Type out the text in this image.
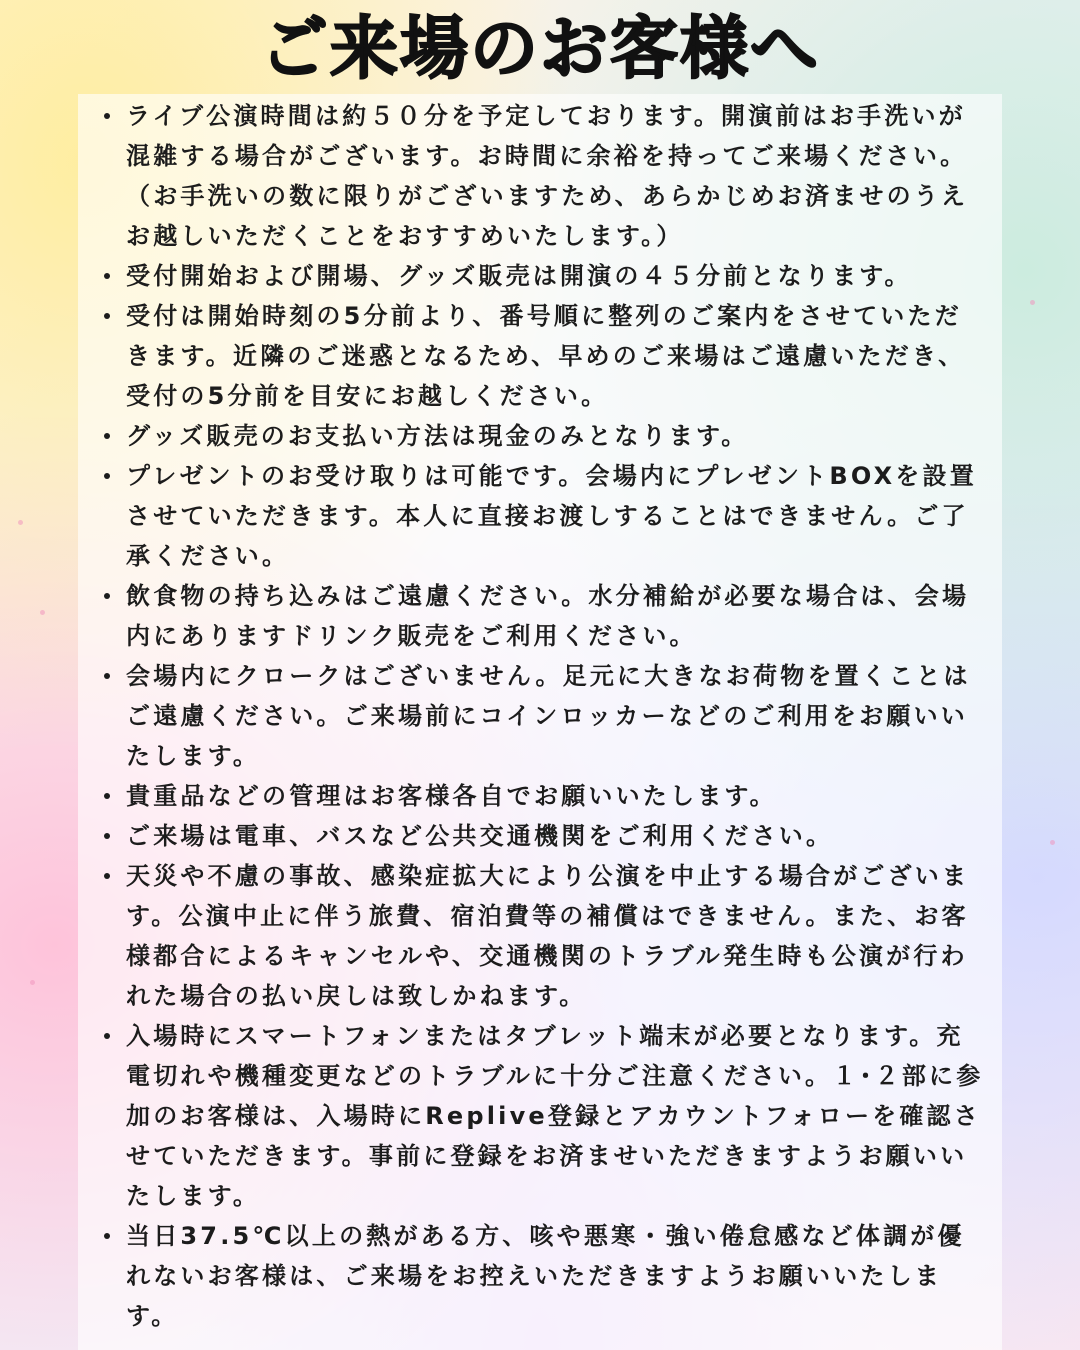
ご来場のお客様へ
ライブ公演時間は約５０分を予定しております。開演前はお手洗いが混雑する場合がございます。お時間に余裕を持ってご来場ください。（お手洗いの数に限りがございますため、あらかじめお済ませのうえお越しいただくことをおすすめいたします。）
受付開始および開場、グッズ販売は開演の４５分前となります。
受付は開始時刻の5分前より、番号順に整列のご案内をさせていただきます。近隣のご迷惑となるため、早めのご来場はご遠慮いただき、受付の5分前を目安にお越しください。
グッズ販売のお支払い方法は現金のみとなります。
プレゼントのお受け取りは可能です。会場内にプレゼントBOXを設置させていただきます。本人に直接お渡しすることはできません。ご了承ください。
飲食物の持ち込みはご遠慮ください。水分補給が必要な場合は、会場内にありますドリンク販売をご利用ください。
会場内にクロークはございません。足元に大きなお荷物を置くことはご遠慮ください。ご来場前にコインロッカーなどのご利用をお願いいたします。
貴重品などの管理はお客様各自でお願いいたします。
ご来場は電車、バスなど公共交通機関をご利用ください。
天災や不慮の事故、感染症拡大により公演を中止する場合がございます。公演中止に伴う旅費、宿泊費等の補償はできません。また、お客様都合によるキャンセルや、交通機関のトラブル発生時も公演が行われた場合の払い戻しは致しかねます。
入場時にスマートフォンまたはタブレット端末が必要となります。充電切れや機種変更などのトラブルに十分ご注意ください。１･２部に参加のお客様は、入場時にReplive登録とアカウントフォローを確認させていただきます。事前に登録をお済ませいただきますようお願いいたします。
当日37.5℃以上の熱がある方、咳や悪寒・強い倦怠感など体調が優れないお客様は、ご来場をお控えいただきますようお願いいたします。
